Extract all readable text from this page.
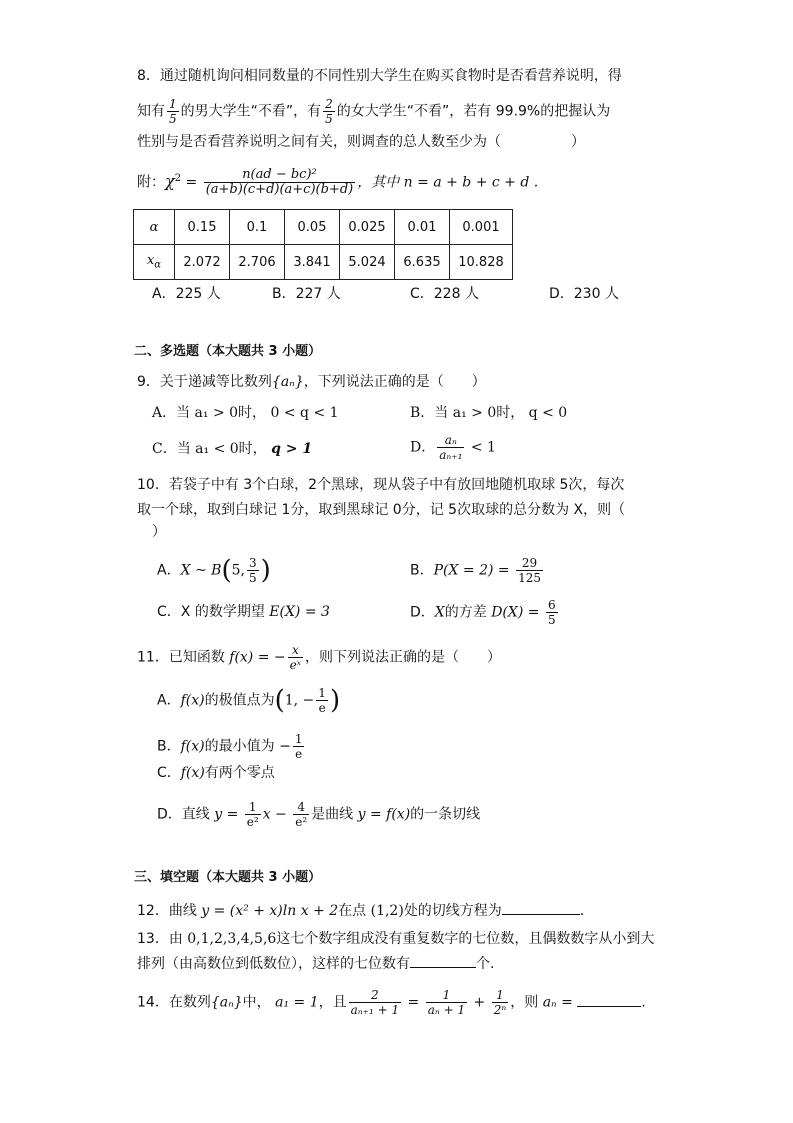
8．通过随机询问相同数量的不同性别大学生在购买食物时是否看营养说明，得
知有 $\frac{1}{5}$ 的男大学生“不看”，有 $\frac{2}{5}$ 的女大学生“不看”，若有 99.9%的把握认为
性别与是否看营养说明之间有关，则调查的总人数至少为（	）
附：$\chi^2 = \frac{\text{n(ad − bc)²}}{(a+b)(c+d)(a+c)(b+d)}$ ，其中 n = a + b + c + d .
α	0.15	0.1	0.05	0.025	0.01	0.001
$x_\alpha$	2.072	2.706	3.841	5.024	6.635	10.828
A．225 人	B．227 人	C．228 人	D．230 人
二、多选题（本大题共 3 小题）
9．关于递减等比数列{aₙ}，下列说法正确的是（　　）
A．当 a₁ > 0时， 0 < q < 1	B．当 a₁ > 0时， q < 0
C．当 a₁ < 0时， q > 1	D． $\frac{\text{aₙ}}{\text{aₙ₊₁}} < 1$
10．若袋子中有 3个白球，2个黑球，现从袋子中有放回地随机取球 5次，每次
取一个球，取到白球记 1分，取到黑球记 0分，记 5次取球的总分数为 X，则（
）
A．X ~ B(5, $\frac{3}{5}$ )	B．$P(X = 2) = \frac{29}{125}$
C．X 的数学期望 E(X) = 3	D．X的方差 $D(X) = \frac{6}{5}$
11．已知函数 f(x) = − $\frac{x}{\text{eˣ}}$ ，则下列说法正确的是（　　）
A．f(x)的极值点为(1, − $\frac{1}{e}$ )
B．f(x)的最小值为 − $\frac{1}{e}$
C．f(x)有两个零点
D．直线 $y = \frac{1}{\text{e²}}$ $x - \frac{4}{\text{e²}}$ 是曲线 y = f(x)的一条切线
三、填空题（本大题共 3 小题）
12．曲线 y = (x² + x)ln x + 2在点 (1,2)处的切线方程为	.
13．由 0,1,2,3,4,5,6这七个数字组成没有重复数字的七位数，且偶数数字从小到大
排列（由高数位到低数位），这样的七位数有	个.
14．在数列{aₙ}中， a₁ = 1，且 $\frac{2}{\text{aₙ₊₁ + 1}} = \frac{1}{\text{aₙ + 1}} + \frac{1}{\text{2ⁿ}}$ ，则 aₙ =	.
